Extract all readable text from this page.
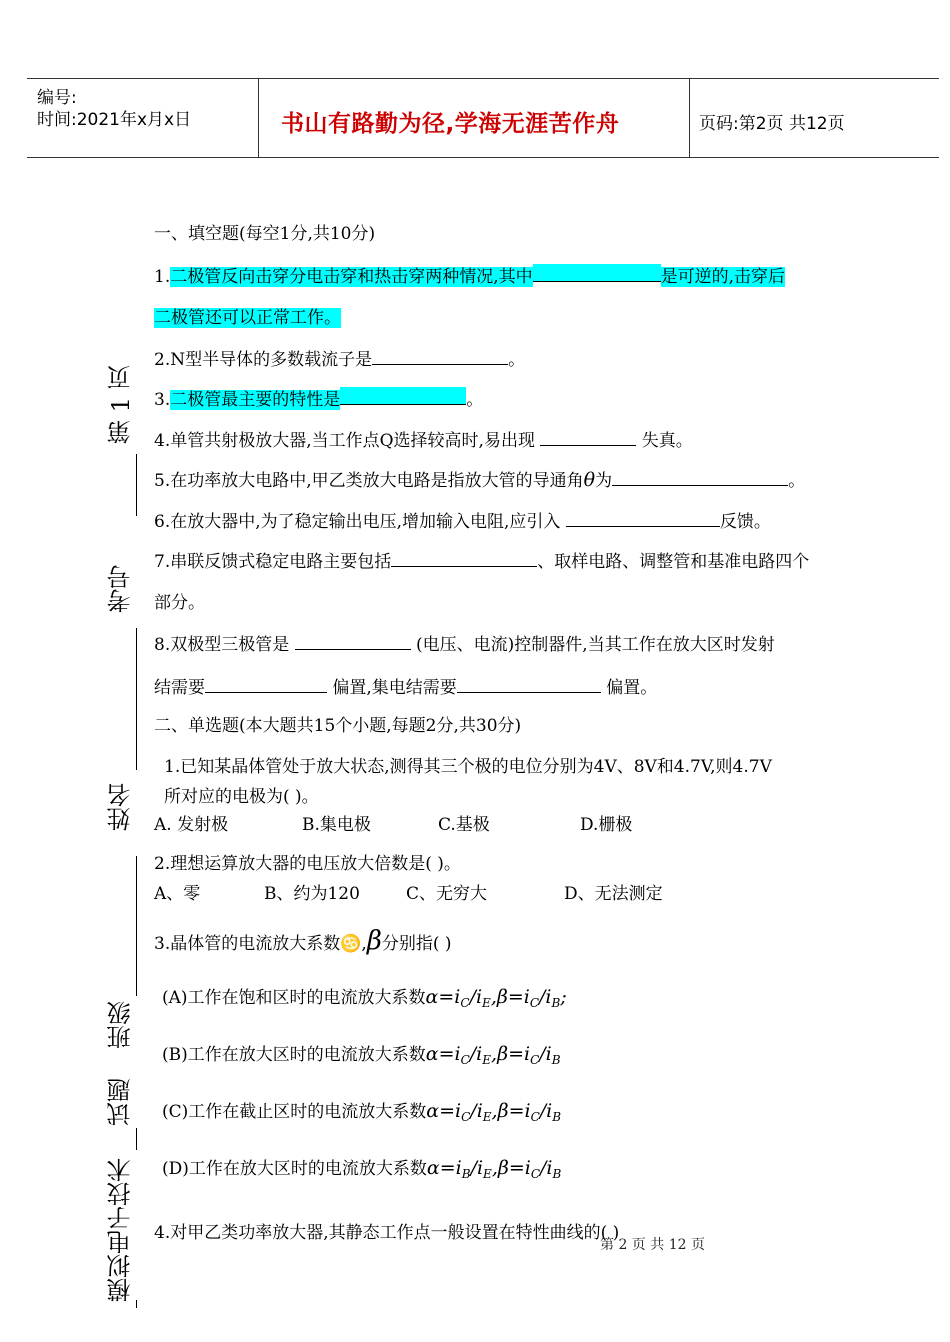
编号:
时间:2021年x月x日	书山有路勤为径,学海无涯苦作舟	页码:第2页 共12页
第 1 页
考号
姓名
班级
试题
模拟电子技术
一、填空题(每空1分,共10分)
1.二极管反向击穿分电击穿和热击穿两种情况,其中	是可逆的,击穿后
二极管还可以正常工作。
2.N型半导体的多数载流子是	。
3.二极管最主要的特性是	。
4.单管共射极放大器,当工作点Q选择较高时,易出现	失真。
5.在功率放大电路中,甲乙类放大电路是指放大管的导通角θ为	。
6.在放大器中,为了稳定输出电压,增加输入电阻,应引入	反馈。
7.串联反馈式稳定电路主要包括	、取样电路、调整管和基准电路四个
部分。
8.双极型三极管是	(电压、电流)控制器件,当其工作在放大区时发射
结需要	偏置,集电结需要	偏置。
二、单选题(本大题共15个小题,每题2分,共30分)
1.已知某晶体管处于放大状态,测得其三个极的电位分别为4V、8V和4.7V,则4.7V
所对应的电极为( )。
A. 发射极	B.集电极	C.基极	D.栅极
2.理想运算放大器的电压放大倍数是( )。
A、零	B、约为120	C、无穷大	D、无法测定
3.晶体管的电流放大系数♋,β分别指( )
(A)工作在饱和区时的电流放大系数$\alpha=i_C/i_E,\beta=i_C/i_B$;
(B)工作在放大区时的电流放大系数$\alpha=i_C/i_E,\beta=i_C/i_B$
(C)工作在截止区时的电流放大系数$\alpha=i_C/i_E,\beta=i_C/i_B$
(D)工作在放大区时的电流放大系数$\alpha=i_B/i_E,\beta=i_C/i_B$
4.对甲乙类功率放大器,其静态工作点一般设置在特性曲线的( )
第 2 页 共 12 页
